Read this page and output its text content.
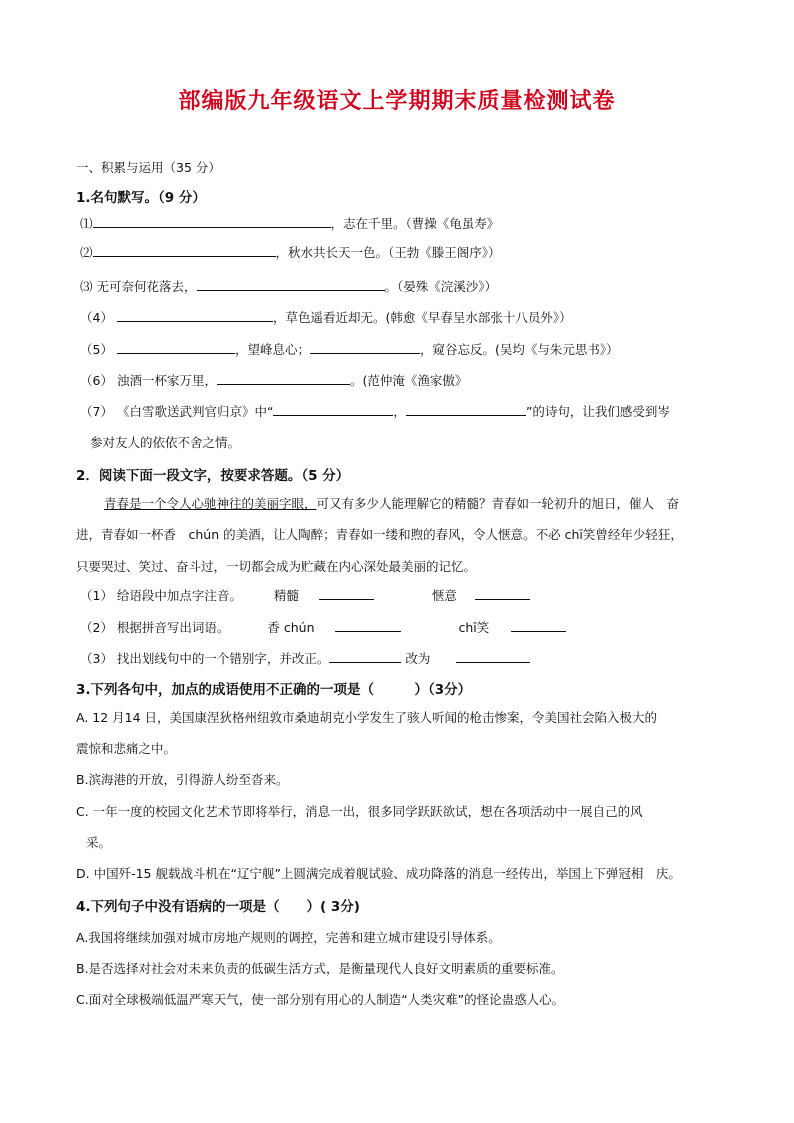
部编版九年级语文上学期期末质量检测试卷
一、积累与运用（35 分）
1.名句默写。（9 分）
⑴	，志在千里。（曹操《龟虽寿》
⑵	，秋水共长天一色。（王勃《滕王阁序》）
⑶ 无可奈何花落去，	。（晏殊《浣溪沙》）
（4）	，草色遥看近却无。(韩愈《早春呈水部张十八员外》）
（5）	，望峰息心；	，窥谷忘反。(吴均《与朱元思书》）
（6） 浊酒一杯家万里，	。(范仲淹《渔家傲》
（7） 《白雪歌送武判官归京》中“	，	”的诗句，让我们感受到岑
参对友人的依依不舍之情。
2．阅读下面一段文字，按要求答题。（5 分）
青春是一个令人心驰神往的美丽字眼，可又有多少人能理解它的精髓？青春如一轮初升的旭日，催人　奋
进，青春如一杯香　chún 的美酒，让人陶醉；青春如一缕和煦的春风，令人惬意。不必 chī笑曾经年少轻狂，
只要哭过、笑过、奋斗过，一切都会成为贮藏在内心深处最美丽的记忆。
（1） 给语段中加点字注音。	精髓	惬意
（2） 根据拼音写出词语。	香 chún	chī笑
（3） 找出划线句中的一个错别字，并改正。	改为
3.下列各句中，加点的成语使用不正确的一项是（　　　）（3分）
A. 12 月14 日，美国康涅狄格州纽敦市桑迪胡克小学发生了骇人听闻的枪击惨案，令美国社会陷入极大的
震惊和悲痛之中。
B.滨海港的开放，引得游人纷至沓来。
C. 一年一度的校园文化艺术节即将举行，消息一出，很多同学跃跃欲试，想在各项活动中一展自己的风
采。
D. 中国歼-15 舰载战斗机在“辽宁舰”上圆满完成着舰试验、成功降落的消息一经传出，举国上下弹冠相　庆。
4.下列句子中没有语病的一项是（　　）( 3分)
A.我国将继续加强对城市房地产规则的调控，完善和建立城市建设引导体系。
B.是否选择对社会对未来负责的低碳生活方式，是衡量现代人良好文明素质的重要标准。
C.面对全球极端低温严寒天气，使一部分别有用心的人制造“人类灾难”的怪论蛊惑人心。
